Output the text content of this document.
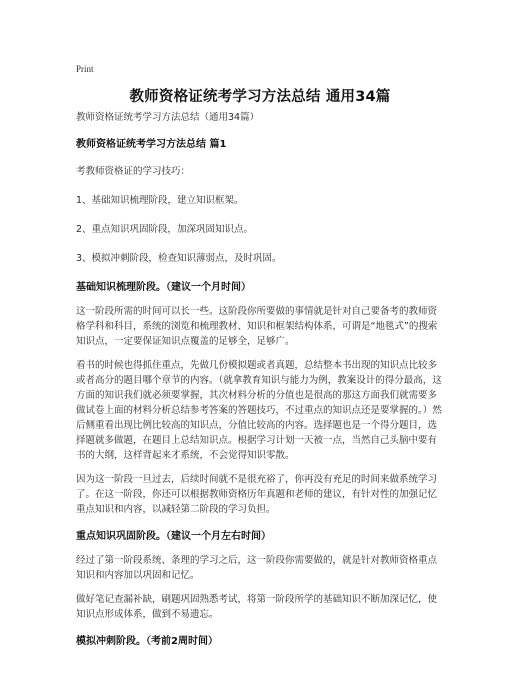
Print
教师资格证统考学习方法总结 通用34篇

教师资格证统考学习方法总结（通用34篇）

教师资格证统考学习方法总结 篇1

考教师资格证的学习技巧：

1、基础知识梳理阶段，建立知识框架。

2、重点知识巩固阶段，加深巩固知识点。

3、模拟冲刺阶段，检查知识薄弱点，及时巩固。

基础知识梳理阶段。（建议一个月时间）

这一阶段所需的时间可以长一些。这阶段你所要做的事情就是针对自己要备考的教师资格学科和科目，系统的浏览和梳理教材、知识和框架结构体系，可谓是“地毯式”的搜索知识点，一定要保证知识点覆盖的足够全，足够广。

看书的时候也得抓住重点，先做几份模拟题或者真题，总结整本书出现的知识点比较多或者高分的题目哪个章节的内容。（就拿教育知识与能力为例，教案设计的得分最高，这方面的知识我们就必须要掌握，其次材料分析的分值也是很高的那这方面我们就需要多做试卷上面的材料分析总结参考答案的答题技巧，不过重点的知识点还是要掌握的。）然后侧重看出现比例比较高的知识点，分值比较高的内容。选择题也是一个得分题目，选择题就多做题，在题目上总结知识点。根据学习计划一天被一点，当然自己头脑中要有书的大纲，这样背起来才系统，不会觉得知识零散。

因为这一阶段一旦过去，后续时间就不是很充裕了，你再没有充足的时间来做系统学习了。在这一阶段，你还可以根据教师资格历年真题和老师的建议，有针对性的加强记忆重点知识和内容，以减轻第二阶段的学习负担。

重点知识巩固阶段。（建议一个月左右时间）

经过了第一阶段系统、条理的学习之后，这一阶段你需要做的，就是针对教师资格重点知识和内容加以巩固和记忆。

做好笔记查漏补缺，刷题巩固熟悉考试，将第一阶段所学的基础知识不断加深记忆，使知识点形成体系，做到不易遗忘。

模拟冲刺阶段。（考前2周时间）
